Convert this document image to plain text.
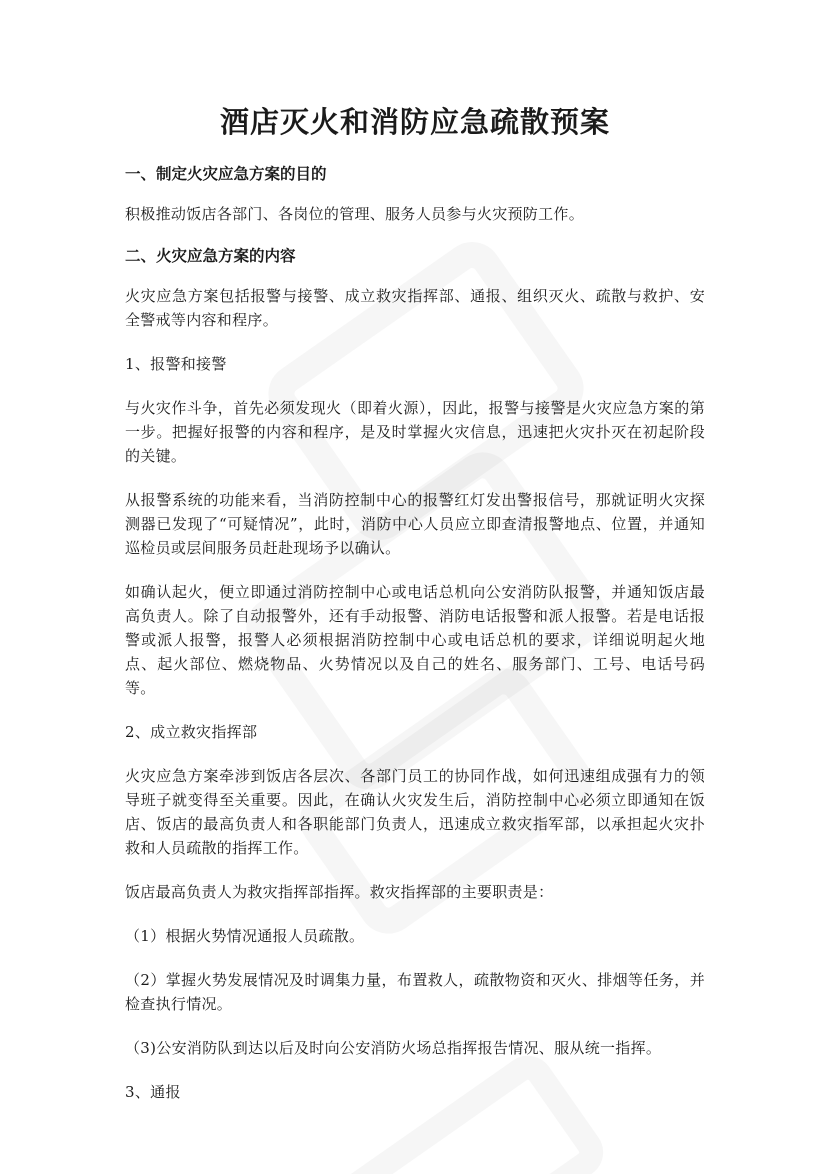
酒店灭火和消防应急疏散预案
一、制定火灾应急方案的目的

积极推动饭店各部门、各岗位的管理、服务人员参与火灾预防工作。

二、火灾应急方案的内容

火灾应急方案包括报警与接警、成立救灾指挥部、通报、组织灭火、疏散与救护、安全警戒等内容和程序。

1、报警和接警

与火灾作斗争，首先必须发现火（即着火源），因此，报警与接警是火灾应急方案的第一步。把握好报警的内容和程序，是及时掌握火灾信息，迅速把火灾扑灭在初起阶段的关键。

从报警系统的功能来看，当消防控制中心的报警红灯发出警报信号，那就证明火灾探测器已发现了“可疑情况”，此时，消防中心人员应立即查清报警地点、位置，并通知巡检员或层间服务员赶赴现场予以确认。

如确认起火，便立即通过消防控制中心或电话总机向公安消防队报警，并通知饭店最高负责人。除了自动报警外，还有手动报警、消防电话报警和派人报警。若是电话报警或派人报警，报警人必须根据消防控制中心或电话总机的要求，详细说明起火地点、起火部位、燃烧物品、火势情况以及自己的姓名、服务部门、工号、电话号码等。

2、成立救灾指挥部

火灾应急方案牵涉到饭店各层次、各部门员工的协同作战，如何迅速组成强有力的领导班子就变得至关重要。因此，在确认火灾发生后，消防控制中心必须立即通知在饭店、饭店的最高负责人和各职能部门负责人，迅速成立救灾指军部，以承担起火灾扑救和人员疏散的指挥工作。

饭店最高负责人为救灾指挥部指挥。救灾指挥部的主要职责是：

（1）根据火势情况通报人员疏散。

（2）掌握火势发展情况及时调集力量，布置救人，疏散物资和灭火、排烟等任务，并检查执行情况。

（3)公安消防队到达以后及时向公安消防火场总指挥报告情况、服从统一指挥。

3、通报
